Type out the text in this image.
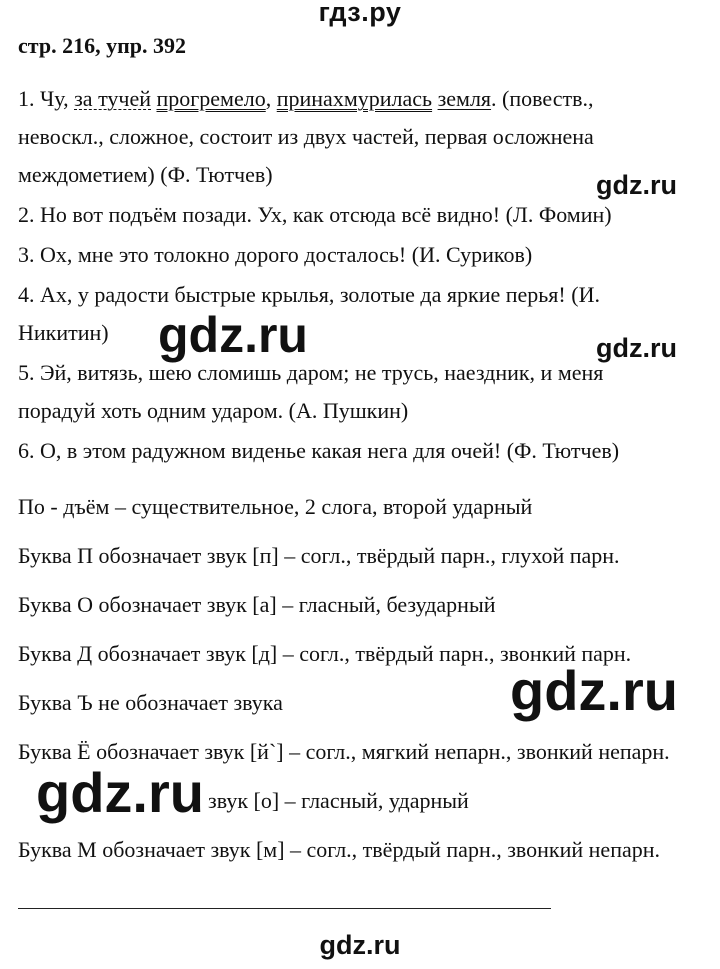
гдз.ру
стр. 216, упр. 392
1. Чу, за тучей прогремело, принахмурилась земля. (повеств.,
невоскл., сложное, состоит из двух частей, первая осложнена
междометием) (Ф. Тютчев)
2. Но вот подъём позади. Ух, как отсюда всё видно! (Л. Фомин)
3. Ох, мне это толокно дорого досталось! (И. Суриков)
4. Ах, у радости быстрые крылья, золотые да яркие перья! (И.
Никитин)
5. Эй, витязь, шею сломишь даром; не трусь, наездник, и меня
порадуй хоть одним ударом. (А. Пушкин)
6. О, в этом радужном виденье какая нега для очей! (Ф. Тютчев)
По - дъём – существительное, 2 слога, второй ударный
Буква П обозначает звук [п] – согл., твёрдый парн., глухой парн.
Буква О обозначает звук [а] – гласный, безударный
Буква Д обозначает звук [д] – согл., твёрдый парн., звонкий парн.
Буква Ъ не обозначает звука
Буква Ё обозначает звук [й`] – согл., мягкий непарн., звонкий непарн.
звук [о] – гласный, ударный
Буква М обозначает звук [м] – согл., твёрдый парн., звонкий непарн.
gdz.ru
gdz.ru	gdz.ru
gdz.ru
gdz.ru
gdz.ru
